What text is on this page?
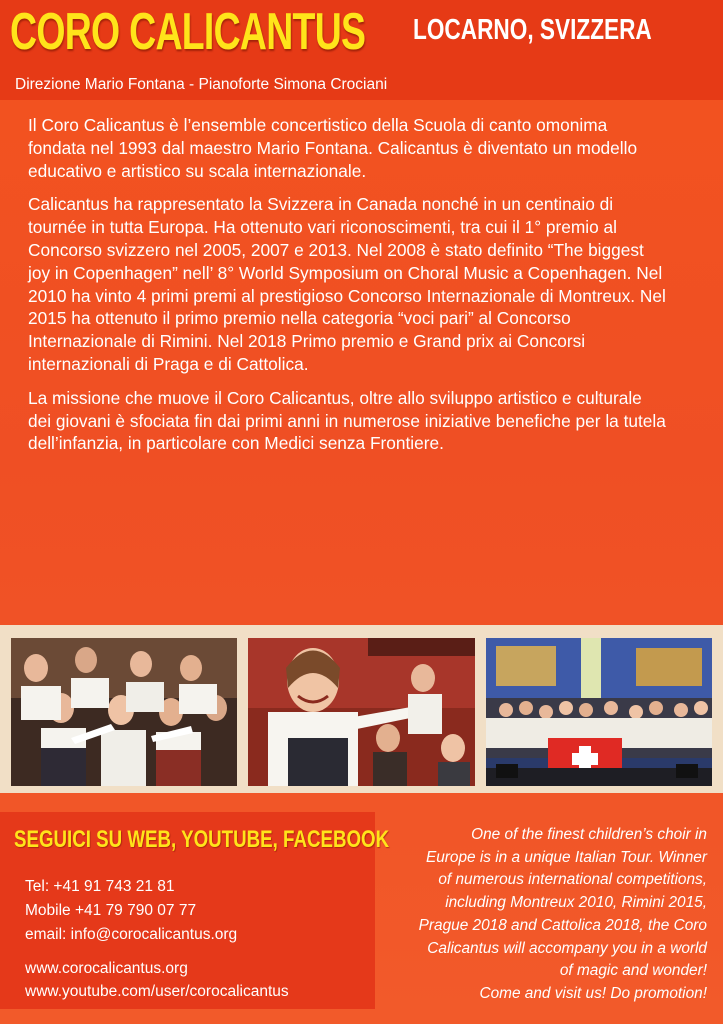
CORO CALICANTUS LOCARNO, SVIZZERA
Direzione Mario Fontana - Pianoforte Simona Crociani

Il Coro Calicantus è l’ensemble concertistico della Scuola di canto omonima fondata nel 1993 dal maestro Mario Fontana. Calicantus è diventato un modello educativo e artistico su scala internazionale.

Calicantus ha rappresentato la Svizzera in Canada nonché in un centinaio di tournée in tutta Europa. Ha ottenuto vari riconoscimenti, tra cui il 1° premio al Concorso svizzero nel 2005, 2007 e 2013. Nel 2008 è stato definito “The biggest joy in Copenhagen” nell’ 8° World Symposium on Choral Music a Copenhagen. Nel 2010 ha vinto 4 primi premi al prestigioso Concorso Internazionale di Montreux. Nel 2015 ha ottenuto il primo premio nella categoria “voci pari” al Concorso Internazionale di Rimini. Nel 2018 Primo premio e Grand prix ai Concorsi internazionali di Praga e di Cattolica.

La missione che muove il Coro Calicantus, oltre allo sviluppo artistico e culturale dei giovani è sfociata fin dai primi anni in numerose iniziative benefiche per la tutela dell’infanzia, in particolare con Medici senza Frontiere.

SEGUICI SU WEB, YOUTUBE, FACEBOOK
Tel: +41 91 743 21 81
Mobile +41 79 790 07 77
email: info@corocalicantus.org
www.corocalicantus.org
www.youtube.com/user/corocalicantus
One of the finest children’s choir in
Europe is in a unique Italian Tour. Winner
of numerous international competitions,
including Montreux 2010, Rimini 2015,
Prague 2018 and Cattolica 2018, the Coro
Calicantus will accompany you in a world
of magic and wonder!
Come and visit us! Do promotion!
